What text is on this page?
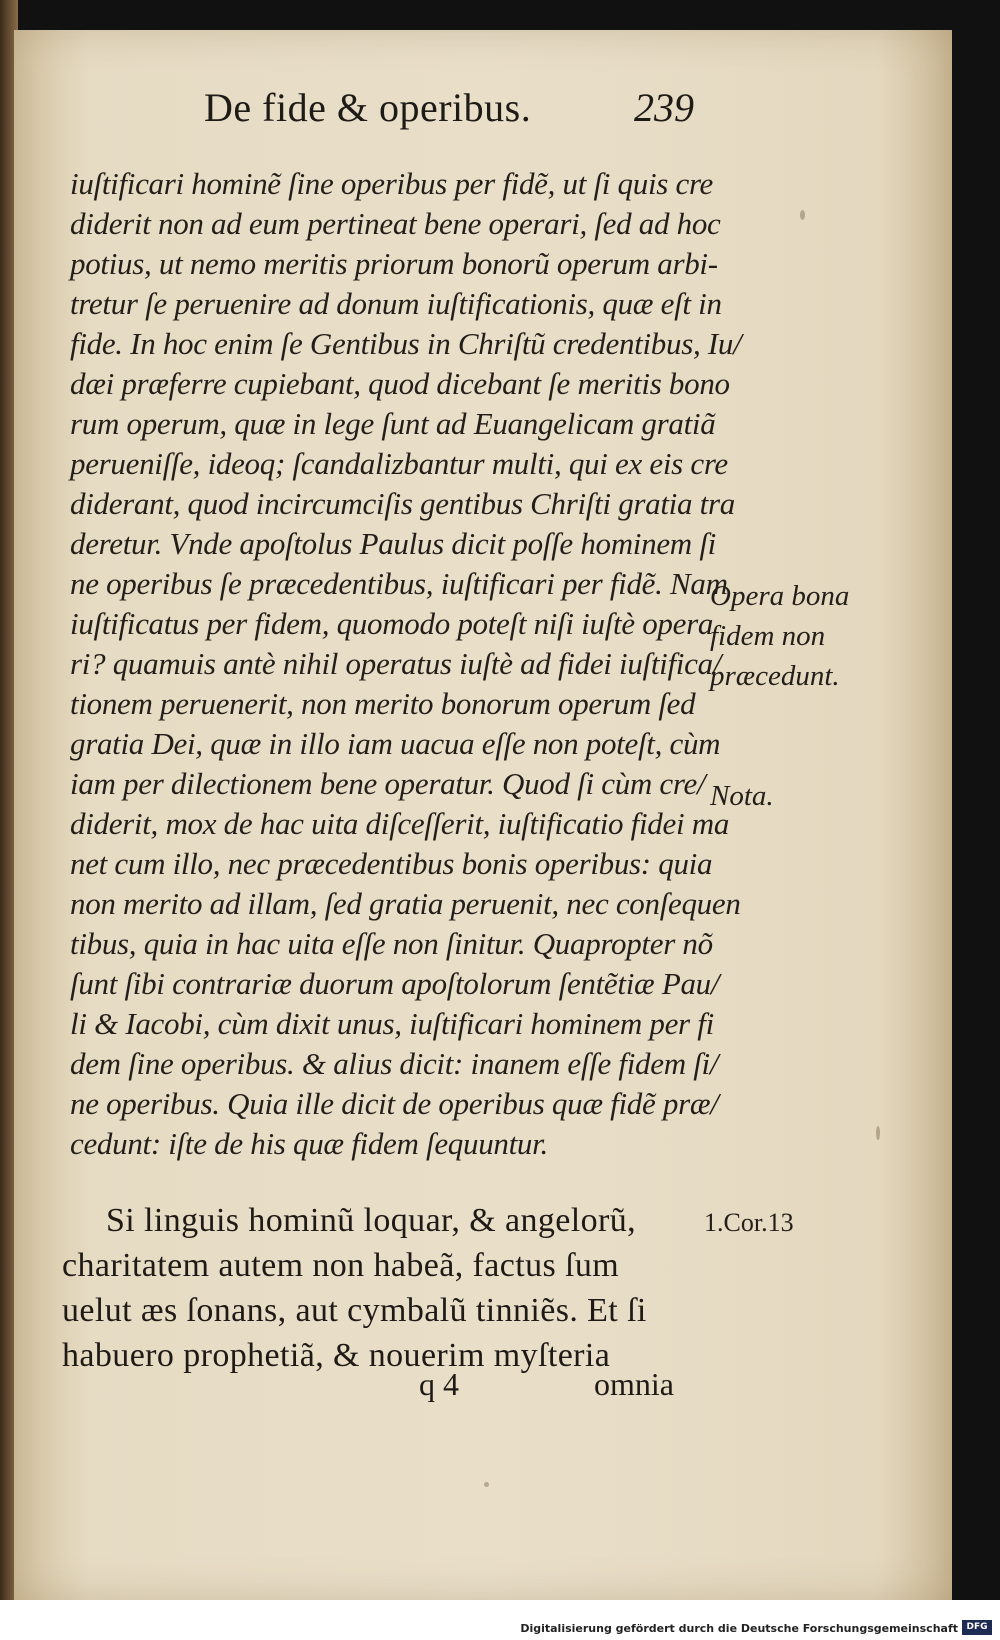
De fide & operibus.	239
iuſtificari hominẽ ſine operibus per fidẽ, ut ſi quis cre
diderit non ad eum pertineat bene operari, ſed ad hoc
potius, ut nemo meritis priorum bonorũ operum arbi-
tretur ſe peruenire ad donum iuſtificationis, quæ eſt in
fide. In hoc enim ſe Gentibus in Chriſtũ credentibus, Iu/
dæi præferre cupiebant, quod dicebant ſe meritis bono
rum operum, quæ in lege ſunt ad Euangelicam gratiã
perueniſſe, ideoq; ſcandalizbantur multi, qui ex eis cre
diderant, quod incircumciſis gentibus Chriſti gratia tra
deretur. Vnde apoſtolus Paulus dicit poſſe hominem ſi
ne operibus ſe præcedentibus, iuſtificari per fidẽ. Nam
iuſtificatus per fidem, quomodo poteſt niſi iuſtè opera
ri? quamuis antè nihil operatus iuſtè ad fidei iuſtifica/
tionem peruenerit, non merito bonorum operum ſed
gratia Dei, quæ in illo iam uacua eſſe non poteſt, cùm
iam per dilectionem bene operatur. Quod ſi cùm cre/
diderit, mox de hac uita diſceſſerit, iuſtificatio fidei ma
net cum illo, nec præcedentibus bonis operibus: quia
non merito ad illam, ſed gratia peruenit, nec conſequen
tibus, quia in hac uita eſſe non ſinitur. Quapropter nõ
ſunt ſibi contrariæ duorum apoſtolorum ſentẽtiæ Pau/
li & Iacobi, cùm dixit unus, iuſtificari hominem per fi
dem ſine operibus. & alius dicit: inanem eſſe fidem ſi/
ne operibus. Quia ille dicit de operibus quæ fidẽ præ/
cedunt: iſte de his quæ fidem ſequuntur.
Opera bona
fidem non
præcedunt.
Nota.
Si linguis hominũ loquar, & angelorũ,
charitatem autem non habeã, factus ſum
uelut æs ſonans, aut cymbalũ tinniẽs. Et ſi
habuero prophetiã, & nouerim myſteria
1.Cor.13
q 4	omnia
Digitalisierung gefördert durch die Deutsche Forschungsgemeinschaft DFG
